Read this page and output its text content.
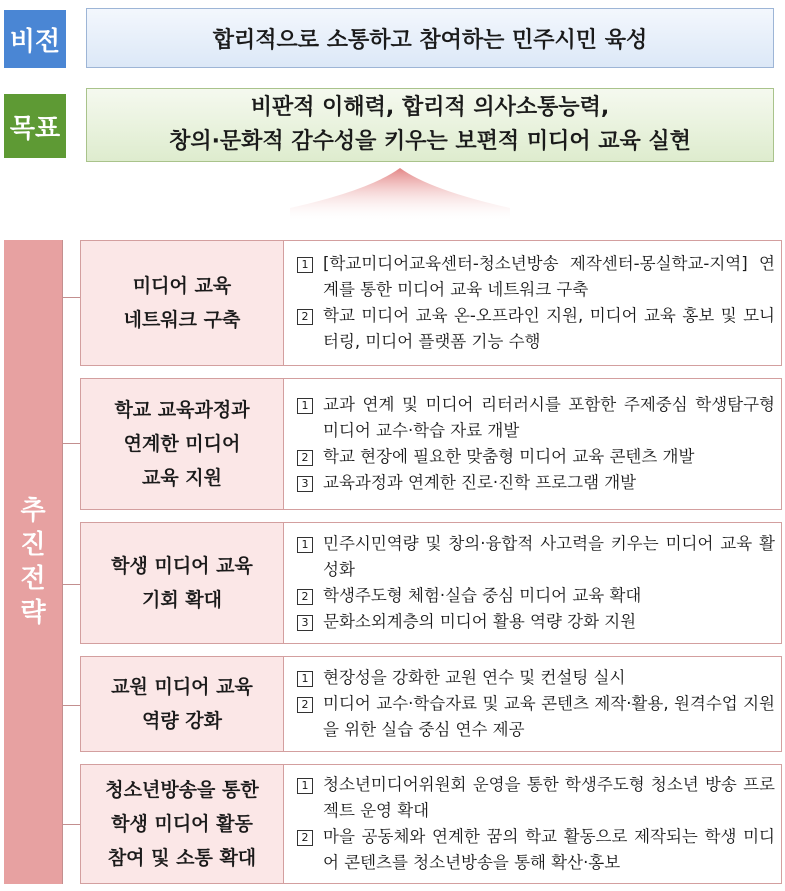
비전	합리적으로 소통하고 참여하는 민주시민 육성
목표
비판적 이해력, 합리적 의사소통능력,
창의·문화적 감수성을 키우는 보편적 미디어 교육 실현
추
진
전
략
미디어 교육
네트워크 구축
1 [학교미디어교육센터-청소년방송 제작센터-몽실학교-지역] 연계를 통한 미디어 교육 네트워크 구축
2 학교 미디어 교육 온-오프라인 지원, 미디어 교육 홍보 및 모니터링, 미디어 플랫폼 기능 수행
학교 교육과정과
연계한 미디어
교육 지원
1 교과 연계 및 미디어 리터러시를 포함한 주제중심 학생탐구형 미디어 교수·학습 자료 개발
2 학교 현장에 필요한 맞춤형 미디어 교육 콘텐츠 개발
3 교육과정과 연계한 진로·진학 프로그램 개발
학생 미디어 교육
기회 확대
1 민주시민역량 및 창의·융합적 사고력을 키우는 미디어 교육 활성화
2 학생주도형 체험·실습 중심 미디어 교육 확대
3 문화소외계층의 미디어 활용 역량 강화 지원
교원 미디어 교육
역량 강화
1 현장성을 강화한 교원 연수 및 컨설팅 실시
2 미디어 교수·학습자료 및 교육 콘텐츠 제작·활용, 원격수업 지원을 위한 실습 중심 연수 제공
청소년방송을 통한
학생 미디어 활동
참여 및 소통 확대
1 청소년미디어위원회 운영을 통한 학생주도형 청소년 방송 프로젝트 운영 확대
2 마을 공동체와 연계한 꿈의 학교 활동으로 제작되는 학생 미디어 콘텐츠를 청소년방송을 통해 확산·홍보
